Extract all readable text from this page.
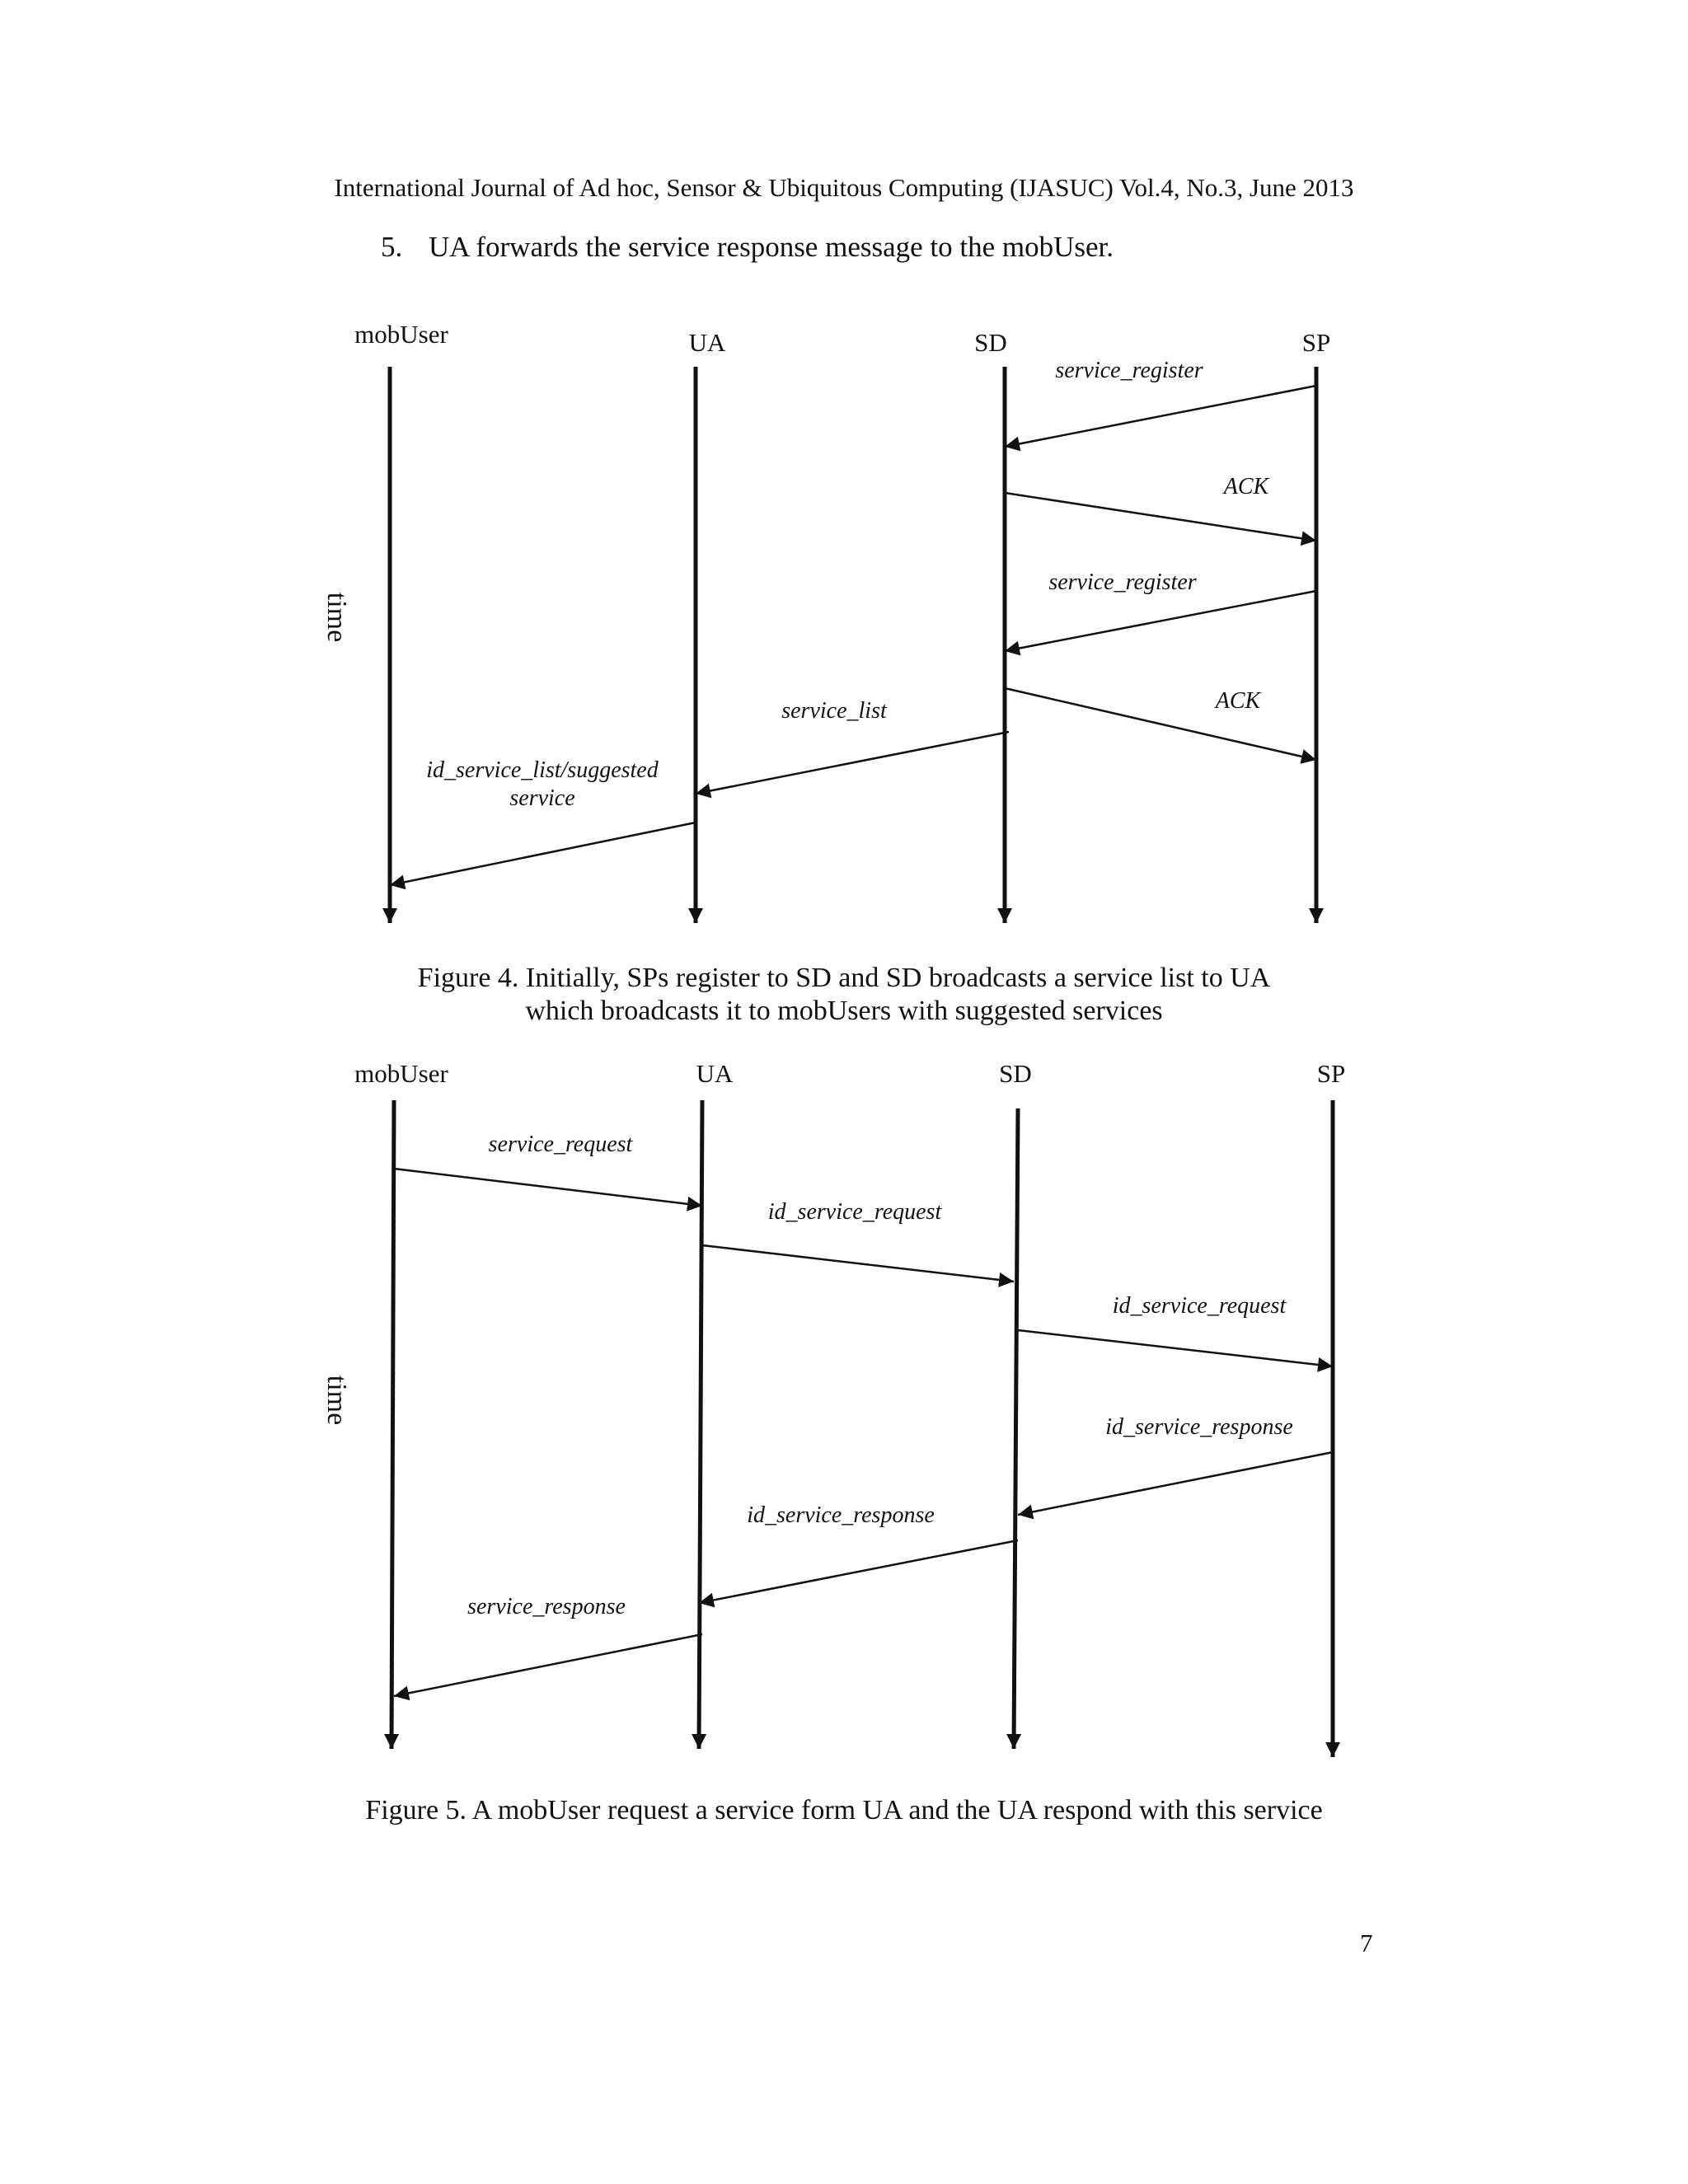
International Journal of Ad hoc, Sensor & Ubiquitous Computing (IJASUC) Vol.4, No.3, June 2013
5. UA forwards the service response message to the mobUser.
mobUser	UA	SD	SP
time
service_register
ACK
service_register
ACK
service_list
id_service_list/suggested service
Figure 4. Initially, SPs register to SD and SD broadcasts a service list to UA
which broadcasts it to mobUsers with suggested services
mobUser	UA	SD	SP
time
service_request
id_service_request
id_service_request
id_service_response
id_service_response
service_response
Figure 5. A mobUser request a service form UA and the UA respond with this service
7
